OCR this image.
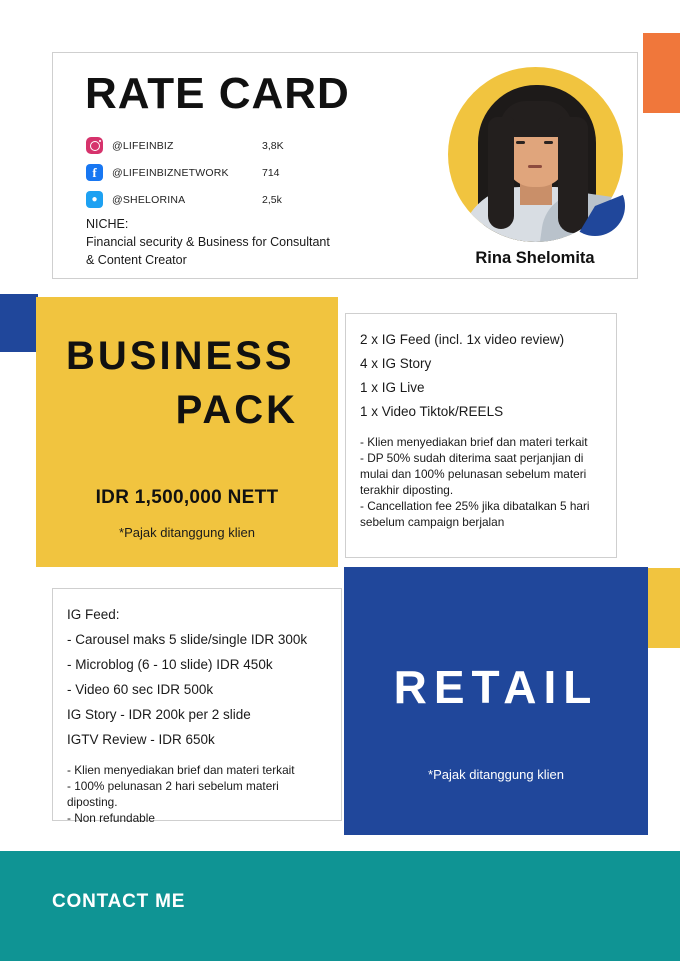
RATE CARD
@LIFEINBIZ	3,8K
f	@LIFEINBIZNETWORK	714
●	@SHELORINA	2,5k
NICHE:
Financial security & Business for Consultant
& Content Creator	Rina Shelomita
BUSINESS
PACK
IDR 1,500,000 NETT
*Pajak ditanggung klien
2 x IG Feed (incl. 1x video review)
4 x IG Story
1 x IG Live
1 x Video Tiktok/REELS

- Klien menyediakan brief dan materi terkait

- DP 50% sudah diterima saat perjanjian di mulai dan 100% pelunasan sebelum materi terakhir diposting.

- Cancellation fee 25% jika dibatalkan 5 hari sebelum campaign berjalan

IG Feed:
- Carousel maks 5 slide/single IDR 300k
- Microblog (6 - 10 slide) IDR 450k
- Video 60 sec IDR 500k
IG Story - IDR 200k per 2 slide
IGTV Review - IDR 650k

- Klien menyediakan brief dan materi terkait

- 100% pelunasan 2 hari sebelum materi diposting.

- Non refundable

RETAIL
*Pajak ditanggung klien
CONTACT ME
